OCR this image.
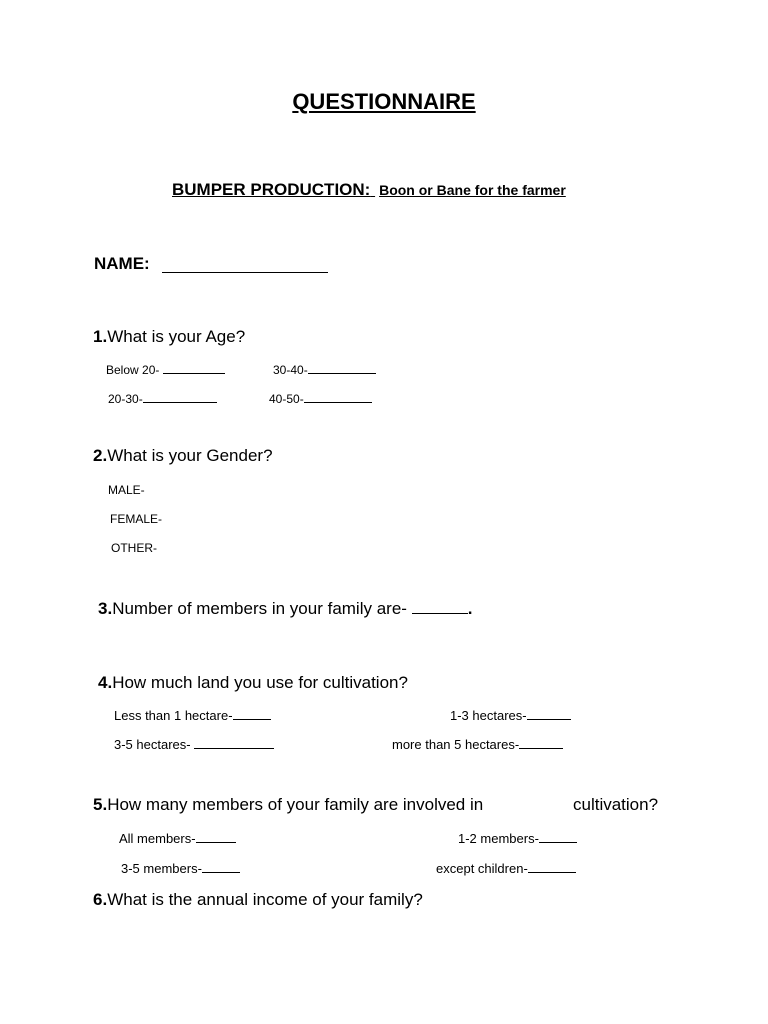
QUESTIONNAIRE
BUMPER PRODUCTION: Boon or Bane for the farmer
NAME:
1.What is your Age?
Below 20-	30-40-
20-30-	40-50-
2.What is your Gender?
MALE-
FEMALE-
OTHER-
3.Number of members in your family are-	.
4.How much land you use for cultivation?
Less than 1 hectare-	1-3 hectares-
3-5 hectares-	more than 5 hectares-
5.How many members of your family are involved in	cultivation?
All members-	1-2 members-
3-5 members-	except children-
6.What is the annual income of your family?
